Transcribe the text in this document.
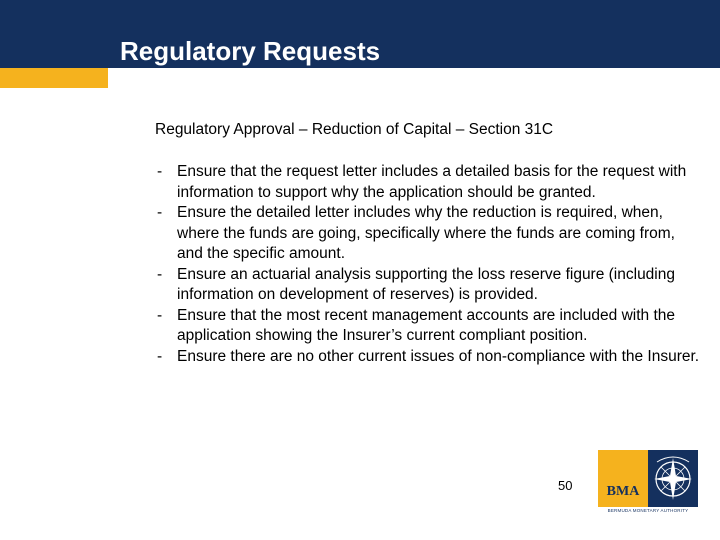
Regulatory Requests
Regulatory Approval – Reduction of Capital – Section 31C
- Ensure that the request letter includes a detailed basis for the request with information to support why the application should be granted.
- Ensure the detailed letter includes why the reduction is required, when, where the funds are going, specifically where the funds are coming from, and the specific amount.
- Ensure an actuarial analysis supporting the loss reserve figure (including information on development of reserves) is provided.
- Ensure that the most recent management accounts are included with the application showing the Insurer’s current compliant position.
- Ensure there are no other current issues of non-compliance with the Insurer.
50	BMA
BERMUDA MONETARY AUTHORITY
